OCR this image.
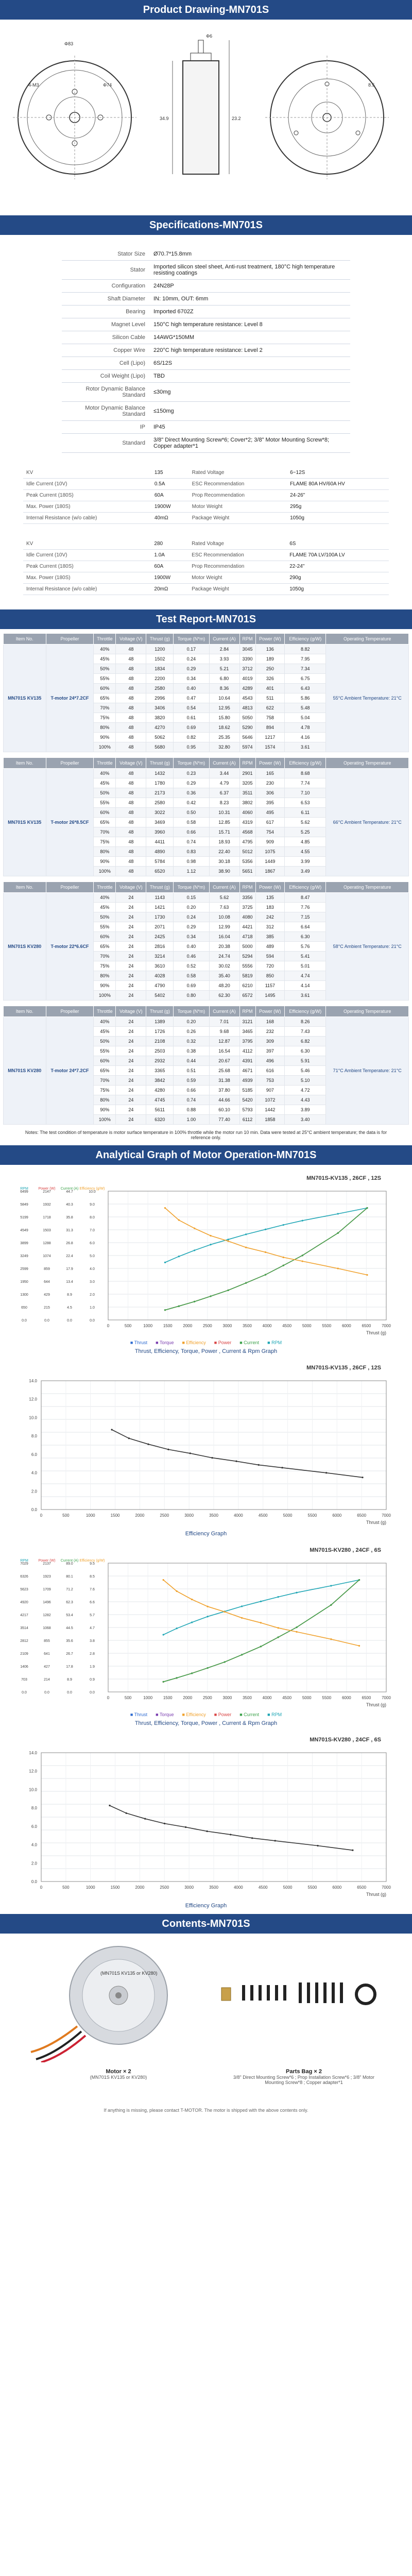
Product Drawing-MN701S
Φ83
Φ74
4-M3
34.9	23.2
Φ6
8.5
Specifications-MN701S
Stator Size	Ø70.7*15.8mm
Stator	Imported silicon steel sheet, Anti-rust treatment, 180°C high temperature resisting coatings
Configuration	24N28P
Shaft Diameter	IN: 10mm, OUT: 6mm
Bearing	Imported 6702Z
Magnet Level	150°C high temperature resistance: Level 8
Silicon Cable	14AWG*150MM
Copper Wire	220°C high temperature resistance: Level 2
Cell (Lipo)	6S/12S
Coil Weight (Lipo)	TBD
Rotor Dynamic Balance Standard	≤30mg
Motor Dynamic Balance Standard	≤150mg
IP	IP45
Standard	3/8" Direct Mounting Screw*6; Cover*2; 3/8" Motor Mounting Screw*8; Copper adapter*1
KV	135	Rated Voltage	6~12S
Idle Current (10V)	0.5A	ESC Recommendation	FLAME 80A HV/60A HV
Peak Current (180S)	60A	Prop Recommendation	24-26"
Max. Power (180S)	1900W	Motor Weight	295g
Internal Resistance (w/o cable)	40mΩ	Package Weight	1050g
KV	280	Rated Voltage	6S
Idle Current (10V)	1.0A	ESC Recommendation	FLAME 70A LV/100A LV
Peak Current (180S)	60A	Prop Recommendation	22-24"
Max. Power (180S)	1900W	Motor Weight	290g
Internal Resistance (w/o cable)	20mΩ	Package Weight	1050g
Test Report-MN701S
Item No.	Propeller	Throttle	Voltage (V)	Thrust (g)	Torque (N*m)	Current (A)	RPM	Power (W)	Efficiency (g/W)	Operating Temperature
MN701S KV135	T-motor 24*7.2CF	40%	48	1200	0.17	2.84	3045	136	8.82	55°C Ambient Temperature: 21°C
		45%	48	1502	0.24	3.93	3390	189	7.95	
		50%	48	1834	0.29	5.21	3712	250	7.34	
		55%	48	2200	0.34	6.80	4019	326	6.75	
		60%	48	2580	0.40	8.36	4289	401	6.43	
		65%	48	2996	0.47	10.64	4543	511	5.86	
		70%	48	3406	0.54	12.95	4813	622	5.48	
		75%	48	3820	0.61	15.80	5050	758	5.04	
		80%	48	4270	0.69	18.62	5290	894	4.78	
		90%	48	5062	0.82	25.35	5646	1217	4.16	
		100%	48	5680	0.95	32.80	5974	1574	3.61	
Item No.	Propeller	Throttle	Voltage (V)	Thrust (g)	Torque (N*m)	Current (A)	RPM	Power (W)	Efficiency (g/W)	Operating Temperature
MN701S KV135	T-motor 26*8.5CF	40%	48	1432	0.23	3.44	2901	165	8.68	66°C Ambient Temperature: 21°C
		45%	48	1780	0.29	4.79	3205	230	7.74	
		50%	48	2173	0.36	6.37	3511	306	7.10	
		55%	48	2580	0.42	8.23	3802	395	6.53	
		60%	48	3022	0.50	10.31	4060	495	6.11	
		65%	48	3469	0.58	12.85	4319	617	5.62	
		70%	48	3960	0.66	15.71	4568	754	5.25	
		75%	48	4411	0.74	18.93	4795	909	4.85	
		80%	48	4890	0.83	22.40	5012	1075	4.55	
		90%	48	5784	0.98	30.18	5356	1449	3.99	
		100%	48	6520	1.12	38.90	5651	1867	3.49	
Item No.	Propeller	Throttle	Voltage (V)	Thrust (g)	Torque (N*m)	Current (A)	RPM	Power (W)	Efficiency (g/W)	Operating Temperature
MN701S KV280	T-motor 22*6.6CF	40%	24	1143	0.15	5.62	3356	135	8.47	58°C Ambient Temperature: 21°C
		45%	24	1421	0.20	7.63	3725	183	7.76	
		50%	24	1730	0.24	10.08	4080	242	7.15	
		55%	24	2071	0.29	12.99	4421	312	6.64	
		60%	24	2425	0.34	16.04	4718	385	6.30	
		65%	24	2816	0.40	20.38	5000	489	5.76	
		70%	24	3214	0.46	24.74	5294	594	5.41	
		75%	24	3610	0.52	30.02	5556	720	5.01	
		80%	24	4028	0.58	35.40	5819	850	4.74	
		90%	24	4790	0.69	48.20	6210	1157	4.14	
		100%	24	5402	0.80	62.30	6572	1495	3.61	
Item No.	Propeller	Throttle	Voltage (V)	Thrust (g)	Torque (N*m)	Current (A)	RPM	Power (W)	Efficiency (g/W)	Operating Temperature
MN701S KV280	T-motor 24*7.2CF	40%	24	1389	0.20	7.01	3121	168	8.26	71°C Ambient Temperature: 21°C
		45%	24	1726	0.26	9.68	3465	232	7.43	
		50%	24	2108	0.32	12.87	3795	309	6.82	
		55%	24	2503	0.38	16.54	4112	397	6.30	
		60%	24	2932	0.44	20.67	4391	496	5.91	
		65%	24	3365	0.51	25.68	4671	616	5.46	
		70%	24	3842	0.59	31.38	4939	753	5.10	
		75%	24	4280	0.66	37.80	5185	907	4.72	
		80%	24	4745	0.74	44.66	5420	1072	4.43	
		90%	24	5611	0.88	60.10	5793	1442	3.89	
		100%	24	6320	1.00	77.40	6112	1858	3.40	
Notes: The test condition of temperature is motor surface temperature in 100% throttle while the motor run 10 min. Data were tested at 25°C ambient temperature; the data is for reference only.
Analytical Graph of Motor Operation-MN701S
MN701S-KV135 , 26CF , 12S
0	500	1000	1500	2000	2500	3000	3500	4000	4500	5000	5500	6000	6500	7000
Thrust (g)
RPM
6499
5849
5199
4549
3899
3249
2599
1950
1300
650
0.0
Power (W)
2147
1932
1718
1503
1288
1074
859
644
429
215
0.0
Current (A)
44.7
40.3
35.8
31.3
26.8
22.4
17.9
13.4
8.9
4.5
0.0
Efficiency (g/W)
10.0
9.0
8.0
7.0
6.0
5.0
4.0
3.0
2.0
1.0
0.0
■ Thrust ■ Torque ■ Efficiency ■ Power ■ Current ■ RPM
Thrust, Efficiency, Torque, Power , Current & Rpm Graph
MN701S-KV135 , 26CF , 12S
0	500	1000	1500	2000	2500	3000	3500	4000	4500	5000	5500	6000	6500	7000
Thrust (g)
0.0
2.0
4.0
6.0
8.0
10.0
12.0
14.0
Efficiency Graph
MN701S-KV280 , 24CF , 6S
0	500	1000	1500	2000	2500	3000	3500	4000	4500	5000	5500	6000	6500	7000
Thrust (g)
RPM
7029
6326
5623
4920
4217
3514
2812
2109
1406
703
0.0
Power (W)
2137
1923
1709
1496
1282
1068
855
641
427
214
0.0
Current (A)
89.0
80.1
71.2
62.3
53.4
44.5
35.6
26.7
17.8
8.9
0.0
Efficiency (g/W)
9.5
8.5
7.6
6.6
5.7
4.7
3.8
2.8
1.9
0.9
0.0
■ Thrust ■ Torque ■ Efficiency ■ Power ■ Current ■ RPM
Thrust, Efficiency, Torque, Power , Current & Rpm Graph
MN701S-KV280 , 24CF , 6S
0	500	1000	1500	2000	2500	3000	3500	4000	4500	5000	5500	6000	6500	7000
Thrust (g)
0.0
2.0
4.0
6.0
8.0
10.0
12.0
14.0
Efficiency Graph
Contents-MN701S
(MN701S KV135 or KV280)
Motor × 2
(MN701S KV135 or KV280)
Parts Bag × 2
3/8" Direct Mounting Screw*6 ; Prop Installation Screw*6 ; 3/8" Motor Mounting Screw*8 ; Copper adapter*1
If anything is missing, please contact T-MOTOR. The motor is shipped with the above contents only.
